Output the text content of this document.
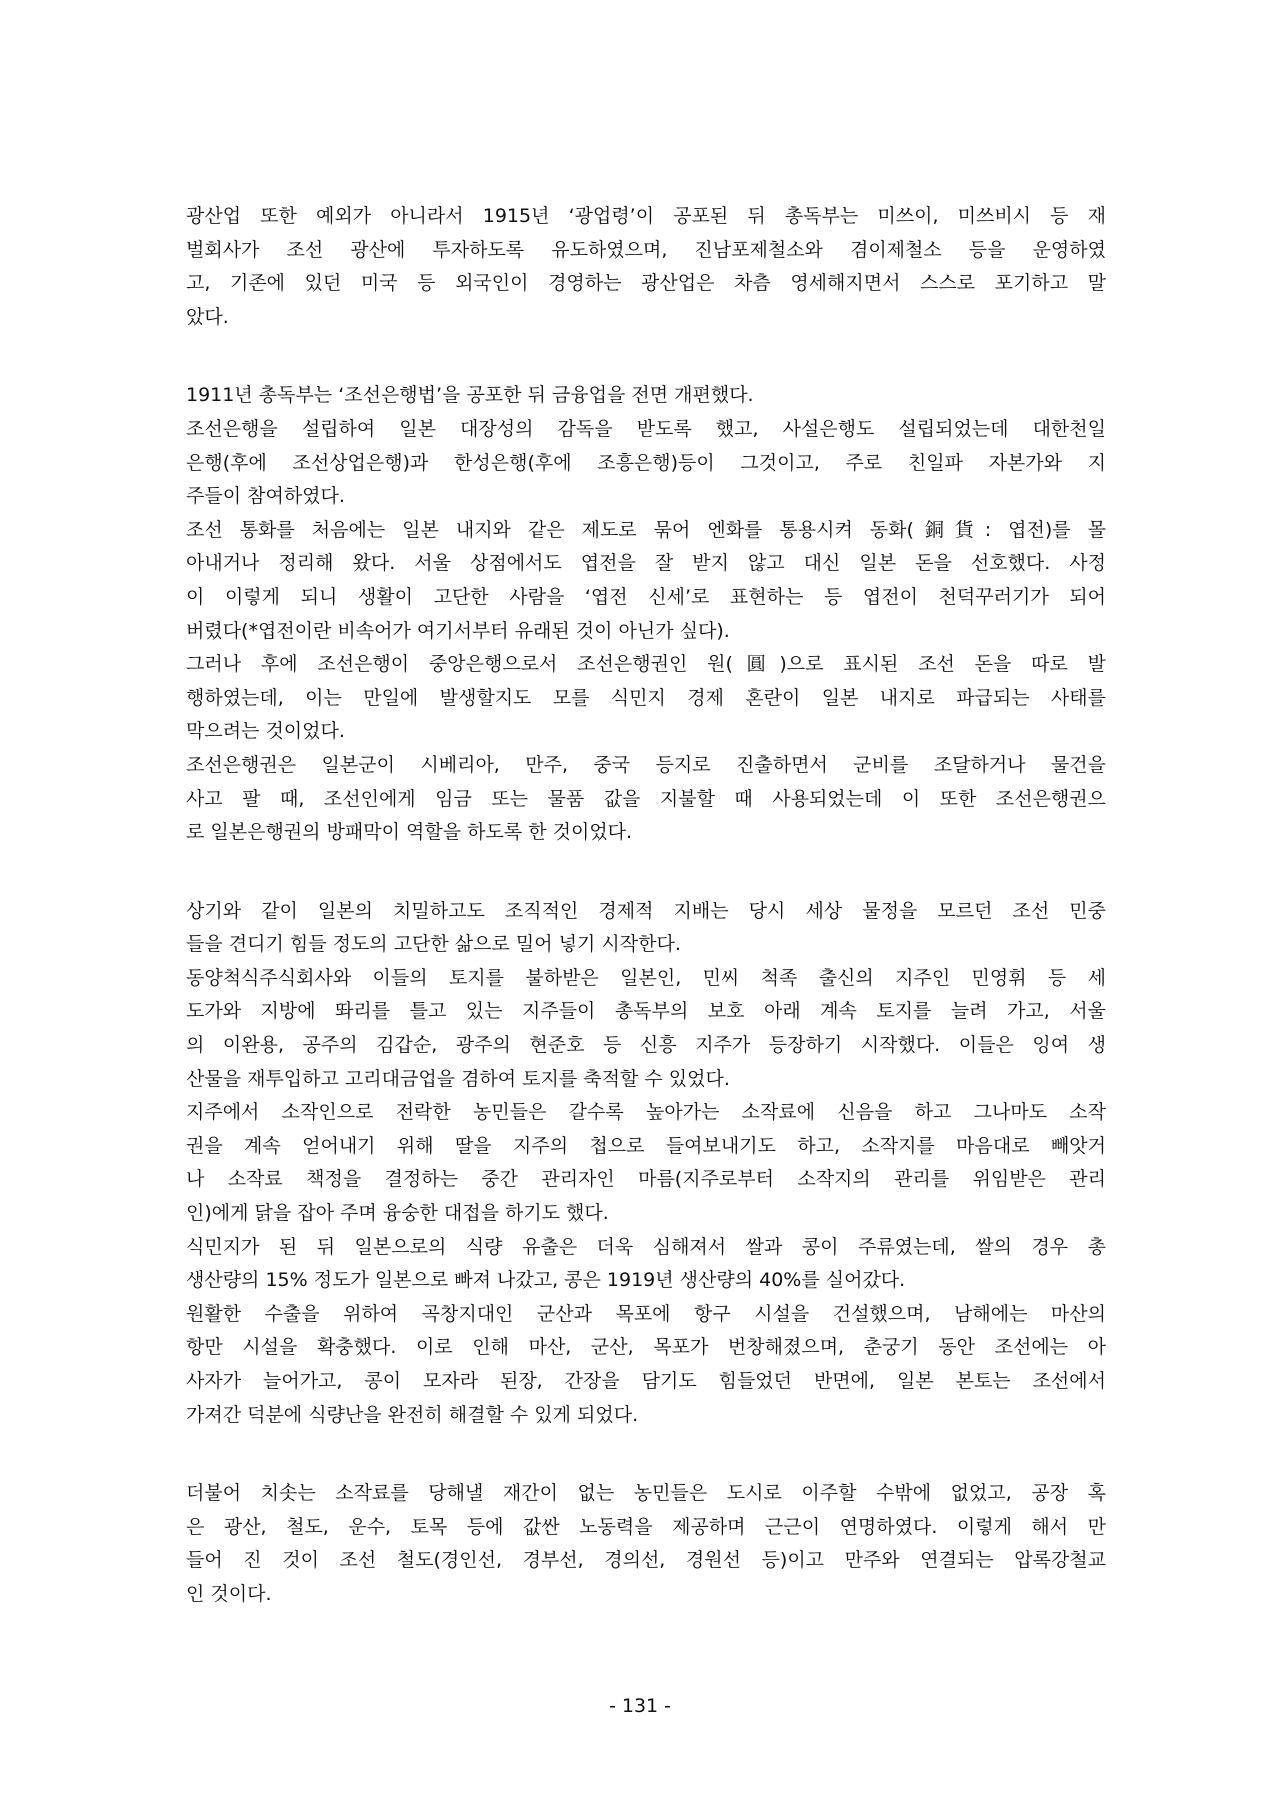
광산업 또한 예외가 아니라서 1915년 ‘광업령’이 공포된 뒤 총독부는 미쓰이, 미쓰비시 등 재
벌회사가 조선 광산에 투자하도록 유도하였으며, 진남포제철소와 겸이제철소 등을 운영하였
고, 기존에 있던 미국 등 외국인이 경영하는 광산업은 차츰 영세해지면서 스스로 포기하고 말
았다.
1911년 총독부는 ‘조선은행법’을 공포한 뒤 금융업을 전면 개편했다.
조선은행을 설립하여 일본 대장성의 감독을 받도록 했고, 사설은행도 설립되었는데 대한천일
은행(후에 조선상업은행)과 한성은행(후에 조흥은행)등이 그것이고, 주로 친일파 자본가와 지
주들이 참여하였다.
조선 통화를 처음에는 일본 내지와 같은 제도로 묶어 엔화를 통용시켜 동화(銅貨: 엽전)를 몰
아내거나 정리해 왔다. 서울 상점에서도 엽전을 잘 받지 않고 대신 일본 돈을 선호했다. 사정
이 이렇게 되니 생활이 고단한 사람을 ‘엽전 신세’로 표현하는 등 엽전이 천덕꾸러기가 되어
버렸다(*엽전이란 비속어가 여기서부터 유래된 것이 아닌가 싶다).
그러나 후에 조선은행이 중앙은행으로서 조선은행권인 원(圓)으로 표시된 조선 돈을 따로 발
행하였는데, 이는 만일에 발생할지도 모를 식민지 경제 혼란이 일본 내지로 파급되는 사태를
막으려는 것이었다.
조선은행권은 일본군이 시베리아, 만주, 중국 등지로 진출하면서 군비를 조달하거나 물건을
사고 팔 때, 조선인에게 임금 또는 물품 값을 지불할 때 사용되었는데 이 또한 조선은행권으
로 일본은행권의 방패막이 역할을 하도록 한 것이었다.
상기와 같이 일본의 치밀하고도 조직적인 경제적 지배는 당시 세상 물정을 모르던 조선 민중
들을 견디기 힘들 정도의 고단한 삶으로 밀어 넣기 시작한다.
동양척식주식회사와 이들의 토지를 불하받은 일본인, 민씨 척족 출신의 지주인 민영휘 등 세
도가와 지방에 똬리를 틀고 있는 지주들이 총독부의 보호 아래 계속 토지를 늘려 가고, 서울
의 이완용, 공주의 김갑순, 광주의 현준호 등 신흥 지주가 등장하기 시작했다. 이들은 잉여 생
산물을 재투입하고 고리대금업을 겸하여 토지를 축적할 수 있었다.
지주에서 소작인으로 전락한 농민들은 갈수록 높아가는 소작료에 신음을 하고 그나마도 소작
권을 계속 얻어내기 위해 딸을 지주의 첩으로 들여보내기도 하고, 소작지를 마음대로 빼앗거
나 소작료 책정을 결정하는 중간 관리자인 마름(지주로부터 소작지의 관리를 위임받은 관리
인)에게 닭을 잡아 주며 융숭한 대접을 하기도 했다.
식민지가 된 뒤 일본으로의 식량 유출은 더욱 심해져서 쌀과 콩이 주류였는데, 쌀의 경우 총
생산량의 15% 정도가 일본으로 빠져 나갔고, 콩은 1919년 생산량의 40%를 실어갔다.
원활한 수출을 위하여 곡창지대인 군산과 목포에 항구 시설을 건설했으며, 남해에는 마산의
항만 시설을 확충했다. 이로 인해 마산, 군산, 목포가 번창해졌으며, 춘궁기 동안 조선에는 아
사자가 늘어가고, 콩이 모자라 된장, 간장을 담기도 힘들었던 반면에, 일본 본토는 조선에서
가져간 덕분에 식량난을 완전히 해결할 수 있게 되었다.
더불어 치솟는 소작료를 당해낼 재간이 없는 농민들은 도시로 이주할 수밖에 없었고, 공장 혹
은 광산, 철도, 운수, 토목 등에 값싼 노동력을 제공하며 근근이 연명하였다. 이렇게 해서 만
들어 진 것이 조선 철도(경인선, 경부선, 경의선, 경원선 등)이고 만주와 연결되는 압록강철교
인 것이다.
- 131 -
